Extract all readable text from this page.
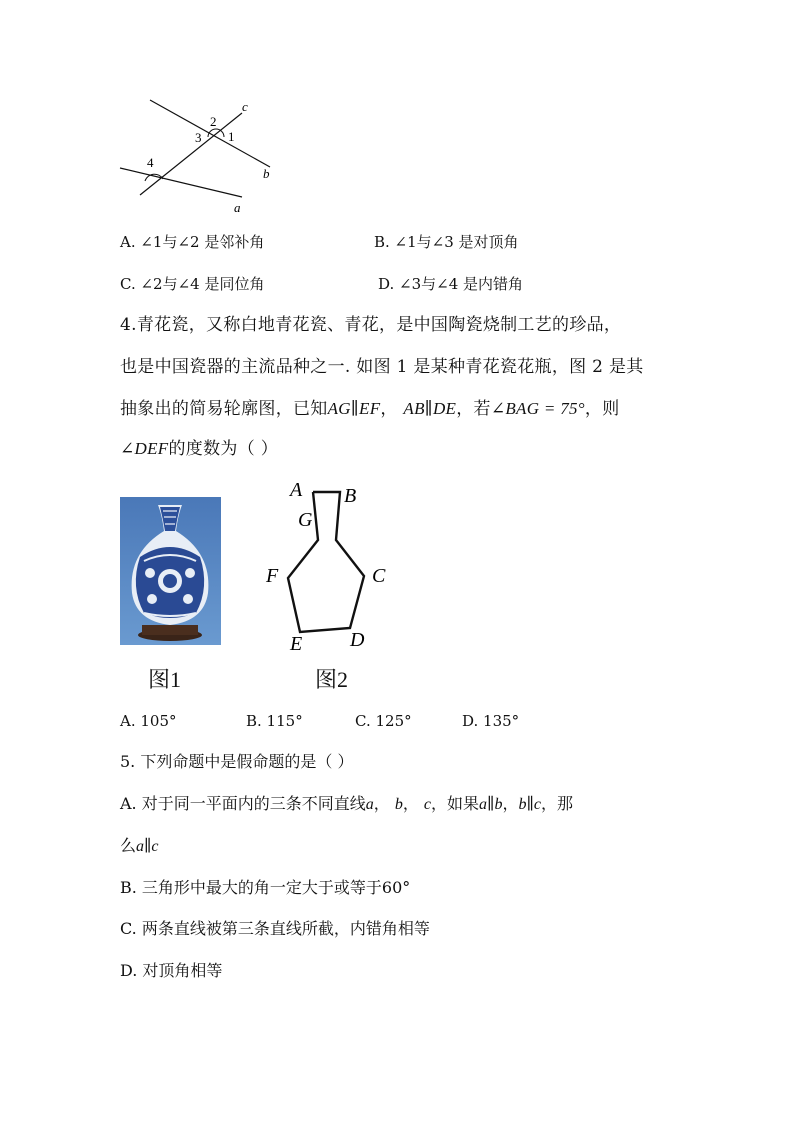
c
2
3 1
4
b
a
A. ∠1与∠2 是邻补角	B. ∠1与∠3 是对顶角
C. ∠2与∠4 是同位角	D. ∠3与∠4 是内错角
4.青花瓷，又称白地青花瓷、青花，是中国陶瓷烧制工艺的珍品，
也是中国瓷器的主流品种之一. 如图 1 是某种青花瓷花瓶，图 2 是其
抽象出的简易轮廓图，已知AG∥EF， AB∥DE，若∠BAG = 75°，则
∠DEF的度数为（ ）
A B
G
F	C
E D
图1	图2
A. 105°	B. 115°	C. 125°	D. 135°
5. 下列命题中是假命题的是（ ）
A. 对于同一平面内的三条不同直线a， b， c，如果a∥b，b∥c，那
么a∥c
B. 三角形中最大的角一定大于或等于60°
C. 两条直线被第三条直线所截，内错角相等
D. 对顶角相等
